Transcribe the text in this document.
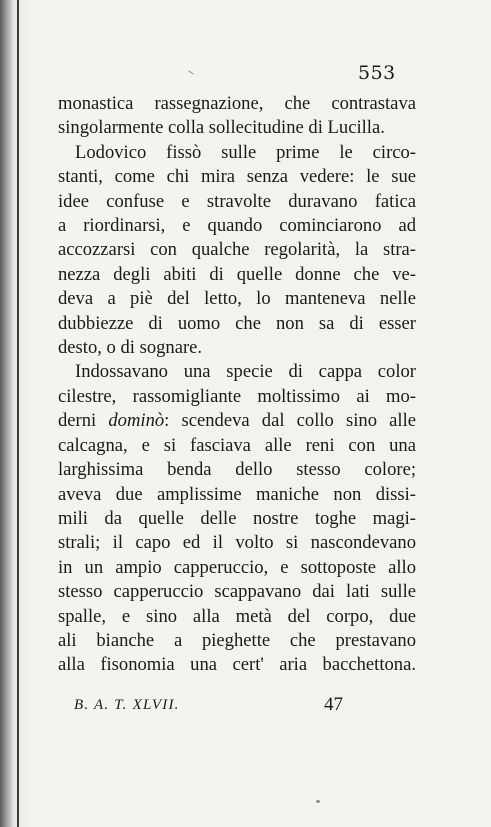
553
monastica rassegnazione, che contrastava
singolarmente colla sollecitudine di Lucilla.
Lodovico fissò sulle prime le circo-
stanti, come chi mira senza vedere: le sue
idee confuse e stravolte duravano fatica
a riordinarsi, e quando cominciarono ad
accozzarsi con qualche regolarità, la stra-
nezza degli abiti di quelle donne che ve-
deva a piè del letto, lo manteneva nelle
dubbiezze di uomo che non sa di esser
desto, o di sognare.
Indossavano una specie di cappa color
cilestre, rassomigliante moltissimo ai mo-
derni dominò: scendeva dal collo sino alle
calcagna, e si fasciava alle reni con una
larghissima benda dello stesso colore;
aveva due amplissime maniche non dissi-
mili da quelle delle nostre toghe magi-
strali; il capo ed il volto si nascondevano
in un ampio capperuccio, e sottoposte allo
stesso capperuccio scappavano dai lati sulle
spalle, e sino alla metà del corpo, due
ali bianche a pieghette che prestavano
alla fisonomia una cert' aria bacchettona.
B. A. T. XLVII.	47
